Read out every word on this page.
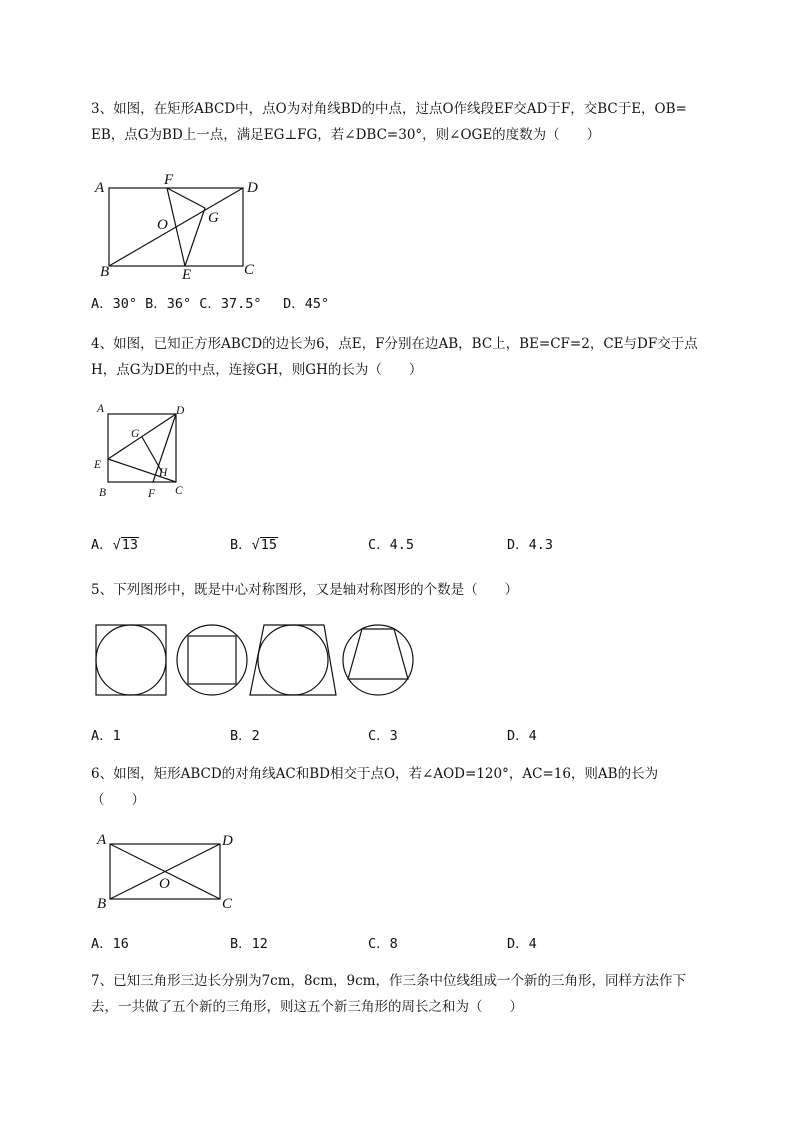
3、如图，在矩形ABCD中，点O为对角线BD的中点，过点O作线段EF交AD于F，交BC于E，OB=
EB，点G为BD上一点，满足EG⊥FG，若∠DBC=30°，则∠OGE的度数为（　　）
A
B	C
D
E
F
G
O
A．30° B．36° C．37.5°　 D．45°
4、如图，已知正方形ABCD的边长为6，点E，F分别在边AB，BC上，BE=CF=2，CE与DF交于点
H，点G为DE的中点，连接GH，则GH的长为（　　）
A
B	C
D
E
F
G
H
A．√13	B．√15	C．4.5	D．4.3
5、下列图形中，既是中心对称图形，又是轴对称图形的个数是（　　）
A．1	B．2	C．3	D．4
6、如图，矩形ABCD的对角线AC和BD相交于点O，若∠AOD=120°，AC=16，则AB的长为
（　　）
A
B	C
D
O
A．16	B．12	C．8	D．4
7、已知三角形三边长分别为7cm，8cm，9cm，作三条中位线组成一个新的三角形，同样方法作下
去，一共做了五个新的三角形，则这五个新三角形的周长之和为（　　）
